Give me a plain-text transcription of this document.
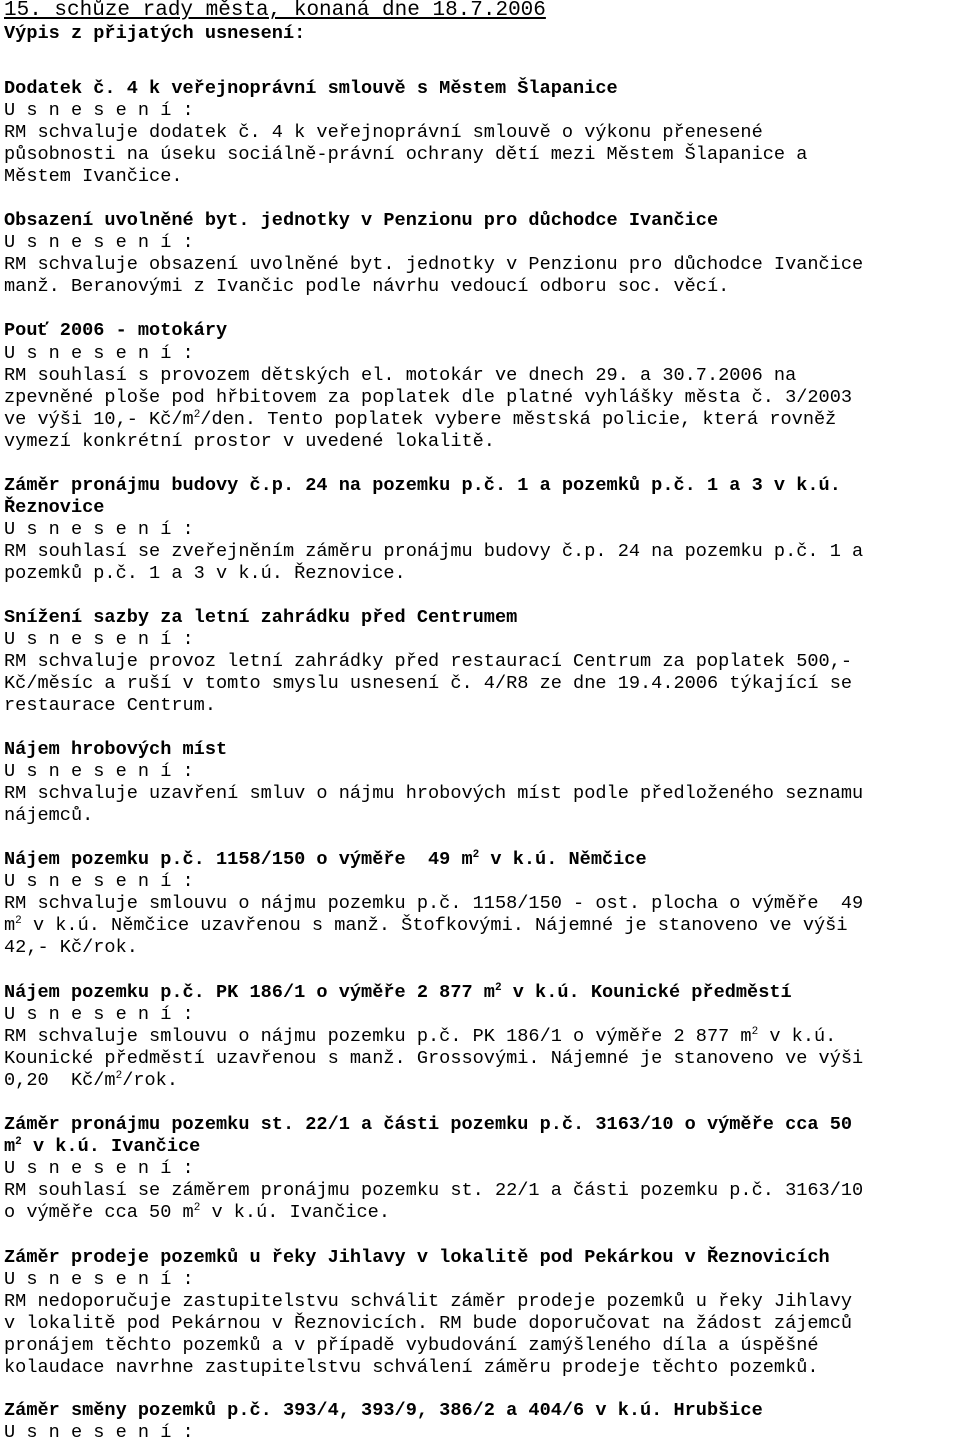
15. schůze rady města, konaná dne 18.7.2006
Výpis z přijatých usnesení:
Dodatek č. 4 k veřejnoprávní smlouvě s Městem Šlapanice
U s n e s e n í :
RM schvaluje dodatek č. 4 k veřejnoprávní smlouvě o výkonu přenesené
působnosti na úseku sociálně-právní ochrany dětí mezi Městem Šlapanice a
Městem Ivančice.
Obsazení uvolněné byt. jednotky v Penzionu pro důchodce Ivančice
U s n e s e n í :
RM schvaluje obsazení uvolněné byt. jednotky v Penzionu pro důchodce Ivančice
manž. Beranovými z Ivančic podle návrhu vedoucí odboru soc. věcí.
Pouť 2006 - motokáry
U s n e s e n í :
RM souhlasí s provozem dětských el. motokár ve dnech 29. a 30.7.2006 na
zpevněné ploše pod hřbitovem za poplatek dle platné vyhlášky města č. 3/2003
ve výši 10,- $Kč/m^2$/den. Tento poplatek vybere městská policie, která rovněž
vymezí konkrétní prostor v uvedené lokalitě.
Záměr pronájmu budovy č.p. 24 na pozemku p.č. 1 a pozemků p.č. 1 a 3 v k.ú.
Řeznovice
U s n e s e n í :
RM souhlasí se zveřejněním záměru pronájmu budovy č.p. 24 na pozemku p.č. 1 a
pozemků p.č. 1 a 3 v k.ú. Řeznovice.
Snížení sazby za letní zahrádku před Centrumem
U s n e s e n í :
RM schvaluje provoz letní zahrádky před restaurací Centrum za poplatek 500,-
Kč/měsíc a ruší v tomto smyslu usnesení č. 4/R8 ze dne 19.4.2006 týkající se
restaurace Centrum.
Nájem hrobových míst
U s n e s e n í :
RM schvaluje uzavření smluv o nájmu hrobových míst podle předloženého seznamu
nájemců.
Nájem pozemku p.č. 1158/150 o výměře  49 $m^2$ v k.ú. Němčice
U s n e s e n í :
RM schvaluje smlouvu o nájmu pozemku p.č. 1158/150 - ost. plocha o výměře  49
$m^2$ v k.ú. Němčice uzavřenou s manž. Štofkovými. Nájemné je stanoveno ve výši
42,- Kč/rok.
Nájem pozemku p.č. PK 186/1 o výměře 2 877 $m^2$ v k.ú. Kounické předměstí
U s n e s e n í :
RM schvaluje smlouvu o nájmu pozemku p.č. PK 186/1 o výměře 2 877 $m^2$ v k.ú.
Kounické předměstí uzavřenou s manž. Grossovými. Nájemné je stanoveno ve výši
0,20  $Kč/m^2$/rok.
Záměr pronájmu pozemku st. 22/1 a části pozemku p.č. 3163/10 o výměře cca 50
$m^2$ v k.ú. Ivančice
U s n e s e n í :
RM souhlasí se záměrem pronájmu pozemku st. 22/1 a části pozemku p.č. 3163/10
o výměře cca 50 $m^2$ v k.ú. Ivančice.
Záměr prodeje pozemků u řeky Jihlavy v lokalitě pod Pekárkou v Řeznovicích
U s n e s e n í :
RM nedoporučuje zastupitelstvu schválit záměr prodeje pozemků u řeky Jihlavy
v lokalitě pod Pekárnou v Řeznovicích. RM bude doporučovat na žádost zájemců
pronájem těchto pozemků a v případě vybudování zamýšleného díla a úspěšné
kolaudace navrhne zastupitelstvu schválení záměru prodeje těchto pozemků.
Záměr směny pozemků p.č. 393/4, 393/9, 386/2 a 404/6 v k.ú. Hrubšice
U s n e s e n í :
